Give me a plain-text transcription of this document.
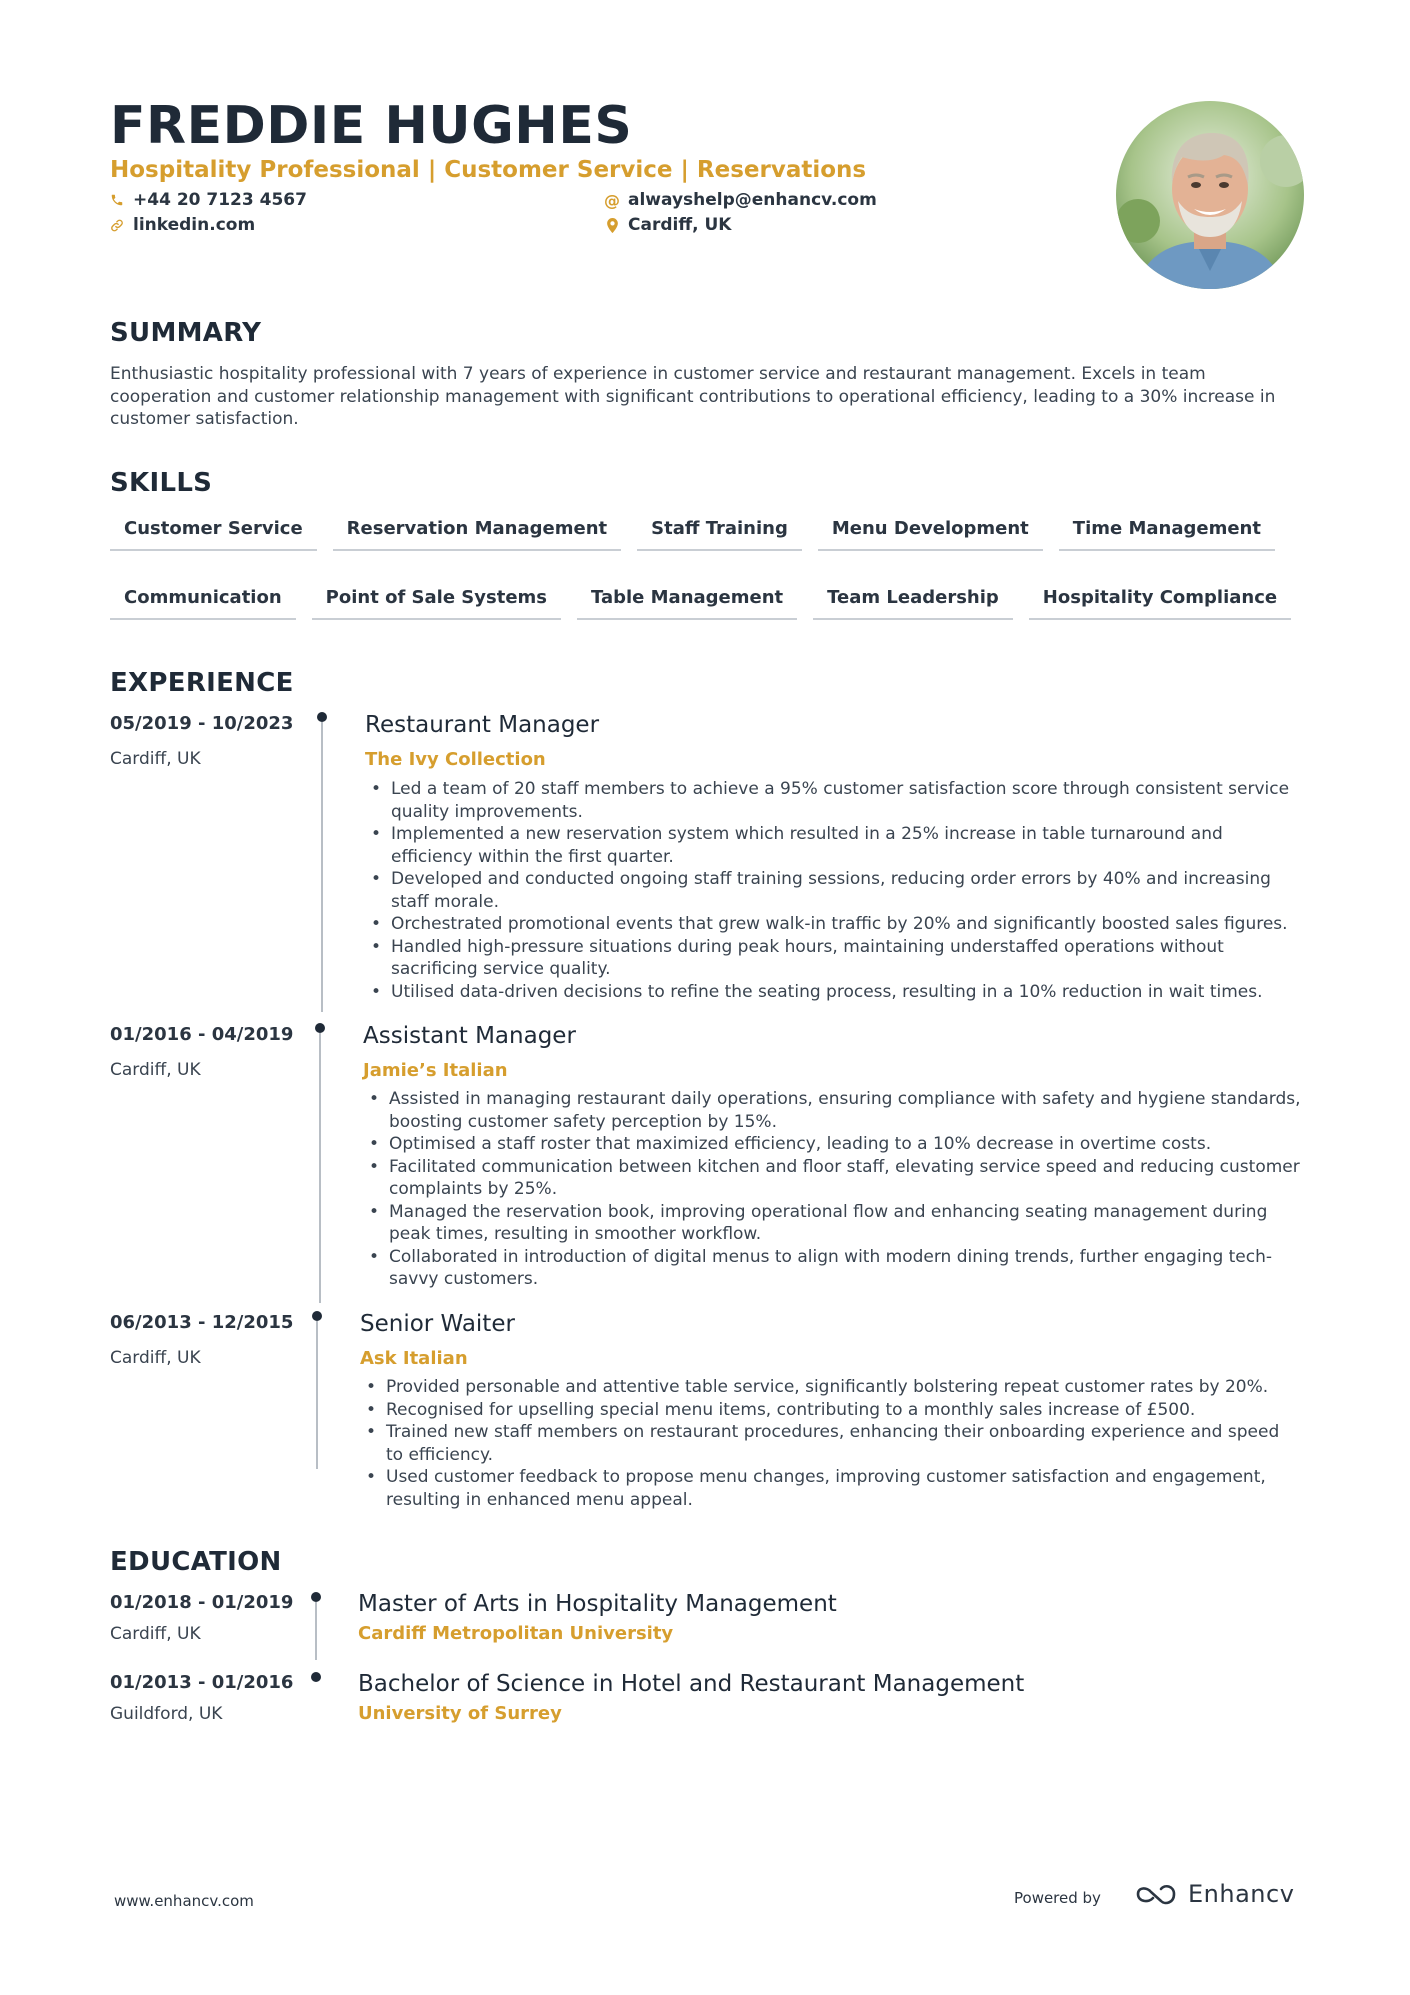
FREDDIE HUGHES
Hospitality Professional | Customer Service | Reservations
+44 20 7123 4567
linkedin.com
@ alwayshelp@enhancv.com
Cardiff, UK
SUMMARY
Enthusiastic hospitality professional with 7 years of experience in customer service and restaurant management. Excels in team cooperation and customer relationship management with significant contributions to operational efficiency, leading to a 30% increase in customer satisfaction.
SKILLS
Customer Service	Reservation Management	Staff Training	Menu Development	Time Management
Communication	Point of Sale Systems	Table Management	Team Leadership	Hospitality Compliance
EXPERIENCE
05/2019 - 10/2023
Cardiff, UK
Restaurant Manager
The Ivy Collection
• Led a team of 20 staff members to achieve a 95% customer satisfaction score through consistent service quality improvements.
• Implemented a new reservation system which resulted in a 25% increase in table turnaround and efficiency within the first quarter.
• Developed and conducted ongoing staff training sessions, reducing order errors by 40% and increasing staff morale.
• Orchestrated promotional events that grew walk-in traffic by 20% and significantly boosted sales figures.
• Handled high-pressure situations during peak hours, maintaining understaffed operations without sacrificing service quality.
• Utilised data-driven decisions to refine the seating process, resulting in a 10% reduction in wait times.
01/2016 - 04/2019
Cardiff, UK
Assistant Manager
Jamie’s Italian
• Assisted in managing restaurant daily operations, ensuring compliance with safety and hygiene standards, boosting customer safety perception by 15%.
• Optimised a staff roster that maximized efficiency, leading to a 10% decrease in overtime costs.
• Facilitated communication between kitchen and floor staff, elevating service speed and reducing customer complaints by 25%.
• Managed the reservation book, improving operational flow and enhancing seating management during peak times, resulting in smoother workflow.
• Collaborated in introduction of digital menus to align with modern dining trends, further engaging tech-savvy customers.
06/2013 - 12/2015
Cardiff, UK
Senior Waiter
Ask Italian
• Provided personable and attentive table service, significantly bolstering repeat customer rates by 20%.
• Recognised for upselling special menu items, contributing to a monthly sales increase of £500.
• Trained new staff members on restaurant procedures, enhancing their onboarding experience and speed to efficiency.
• Used customer feedback to propose menu changes, improving customer satisfaction and engagement, resulting in enhanced menu appeal.
EDUCATION
01/2018 - 01/2019
Cardiff, UK
Master of Arts in Hospitality Management
Cardiff Metropolitan University
01/2013 - 01/2016
Guildford, UK
Bachelor of Science in Hotel and Restaurant Management
University of Surrey
www.enhancv.com	Powered by	Enhancv
